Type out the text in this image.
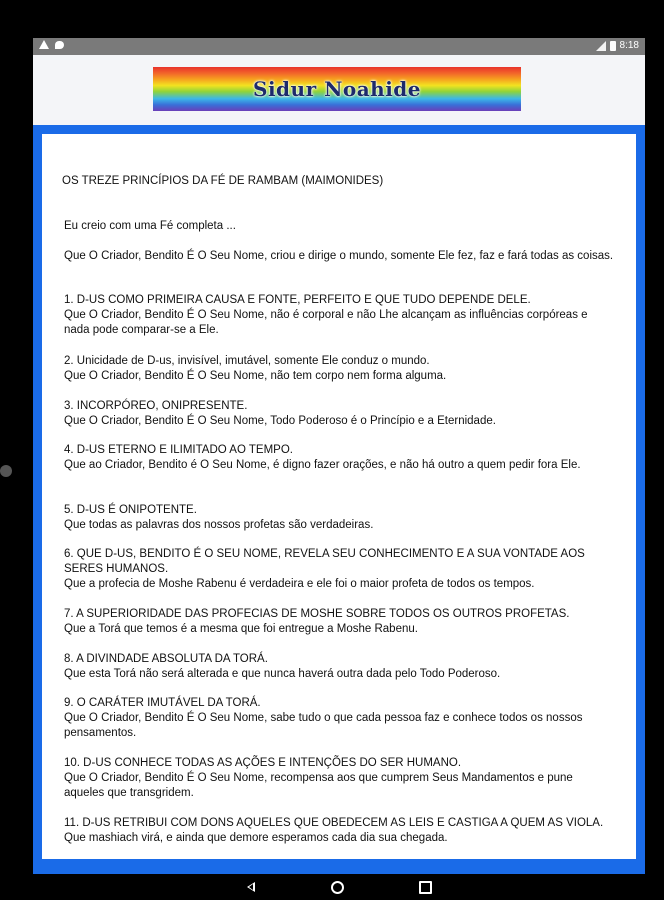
8:18
Sidur Noahide
OS TREZE PRINCÍPIOS DA FÉ DE RAMBAM (MAIMONIDES)
Eu creio com uma Fé completa ...
Que O Criador, Bendito É O Seu Nome, criou e dirige o mundo, somente Ele fez, faz e fará todas as coisas.
1. D-US COMO PRIMEIRA CAUSA E FONTE, PERFEITO E QUE TUDO DEPENDE DELE.
Que O Criador, Bendito É O Seu Nome, não é corporal e não Lhe alcançam as influências corpóreas e nada pode comparar-se a Ele.
2. Unicidade de D-us, invisível, imutável, somente Ele conduz o mundo.
Que O Criador, Bendito É O Seu Nome, não tem corpo nem forma alguma.
3. INCORPÓREO, ONIPRESENTE.
Que O Criador, Bendito É O Seu Nome, Todo Poderoso é o Princípio e a Eternidade.
4. D-US ETERNO E ILIMITADO AO TEMPO.
Que ao Criador, Bendito é O Seu Nome, é digno fazer orações, e não há outro a quem pedir fora Ele.
5. D-US É ONIPOTENTE.
Que todas as palavras dos nossos profetas são verdadeiras.
6. QUE D-US, BENDITO É O SEU NOME, REVELA SEU CONHECIMENTO E A SUA VONTADE AOS SERES HUMANOS.
Que a profecia de Moshe Rabenu é verdadeira e ele foi o maior profeta de todos os tempos.
7. A SUPERIORIDADE DAS PROFECIAS DE MOSHE SOBRE TODOS OS OUTROS PROFETAS.
Que a Torá que temos é a mesma que foi entregue a Moshe Rabenu.
8. A DIVINDADE ABSOLUTA DA TORÁ.
Que esta Torá não será alterada e que nunca haverá outra dada pelo Todo Poderoso.
9. O CARÁTER IMUTÁVEL DA TORÁ.
Que O Criador, Bendito É O Seu Nome, sabe tudo o que cada pessoa faz e conhece todos os nossos pensamentos.
10. D-US CONHECE TODAS AS AÇÕES E INTENÇÕES DO SER HUMANO.
Que O Criador, Bendito É O Seu Nome, recompensa aos que cumprem Seus Mandamentos e pune aqueles que transgridem.
11. D-US RETRIBUI COM DONS AQUELES QUE OBEDECEM AS LEIS E CASTIGA A QUEM AS VIOLA.
Que mashiach virá, e ainda que demore esperamos cada dia sua chegada.
